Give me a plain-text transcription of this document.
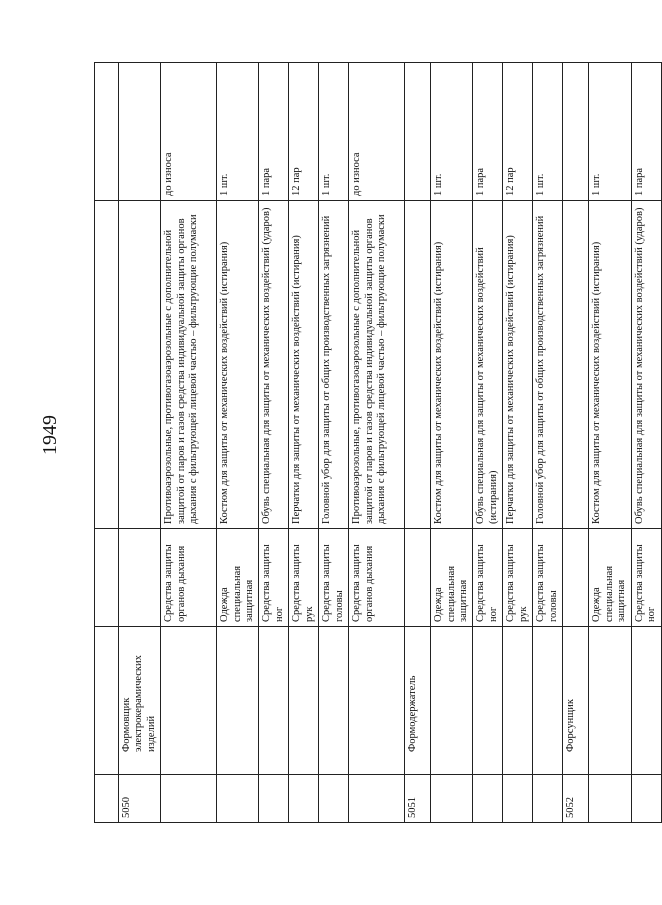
1949

5050	Формовщик электрокерамических изделий			
		Средства защиты органов дыхания	Противоаэрозольные, противогазоаэрозольные с дополнительной защитой от паров и газов средства индивидуальной защиты органов дыхания с фильтрующей лицевой частью – фильтрующие полумаски	до износа
		Одежда специальная защитная	Костюм для защиты от механических воздействий (истирания)	1 шт.
		Средства защиты ног	Обувь специальная для защиты от механических воздействий (ударов)	1 пара
		Средства защиты рук	Перчатки для защиты от механических воздействий (истирания)	12 пар
		Средства защиты головы	Головной убор для защиты от общих производственных загрязнений	1 шт.
		Средства защиты органов дыхания	Противоаэрозольные, противогазоаэрозольные с дополнительной защитой от паров и газов средства индивидуальной защиты органов дыхания с фильтрующей лицевой частью – фильтрующие полумаски	до износа
5051	Формодержатель			
		Одежда специальная защитная	Костюм для защиты от механических воздействий (истирания)	1 шт.
		Средства защиты ног	Обувь специальная для защиты от механических воздействий (истирания)	1 пара
		Средства защиты рук	Перчатки для защиты от механических воздействий (истирания)	12 пар
		Средства защиты головы	Головной убор для защиты от общих производственных загрязнений	1 шт.
5052	Форсунщик			
		Одежда специальная защитная	Костюм для защиты от механических воздействий (истирания)	1 шт.
		Средства защиты ног	Обувь специальная для защиты от механических воздействий (ударов)	1 пара
